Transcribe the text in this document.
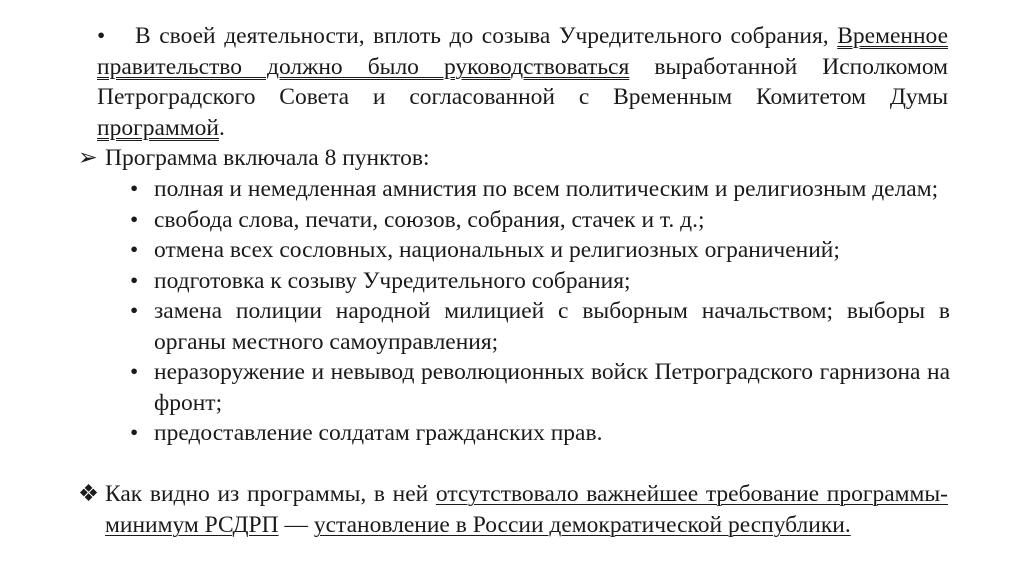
•	В своей деятельности, вплоть до созыва Учредительного собрания, Временное правительство должно было руководствоваться выработанной Исполкомом Петроградского Совета и согласованной с Временным Комитетом Думы программой.
➢ Программа включала 8 пунктов:
• полная и немедленная амнистия по всем политическим и религиозным делам;
• свобода слова, печати, союзов, собрания, стачек и т. д.;
• отмена всех сословных, национальных и религиозных ограничений;
• подготовка к созыву Учредительного собрания;
• замена полиции народной милицией с выборным начальством; выборы в органы местного самоуправления;
• неразоружение и невывод революционных войск Петроградского гарнизона на фронт;
• предоставление солдатам гражданских прав.
❖ Как видно из программы, в ней отсутствовало важнейшее требование программы-минимум РСДРП — установление в России демократической республики.
